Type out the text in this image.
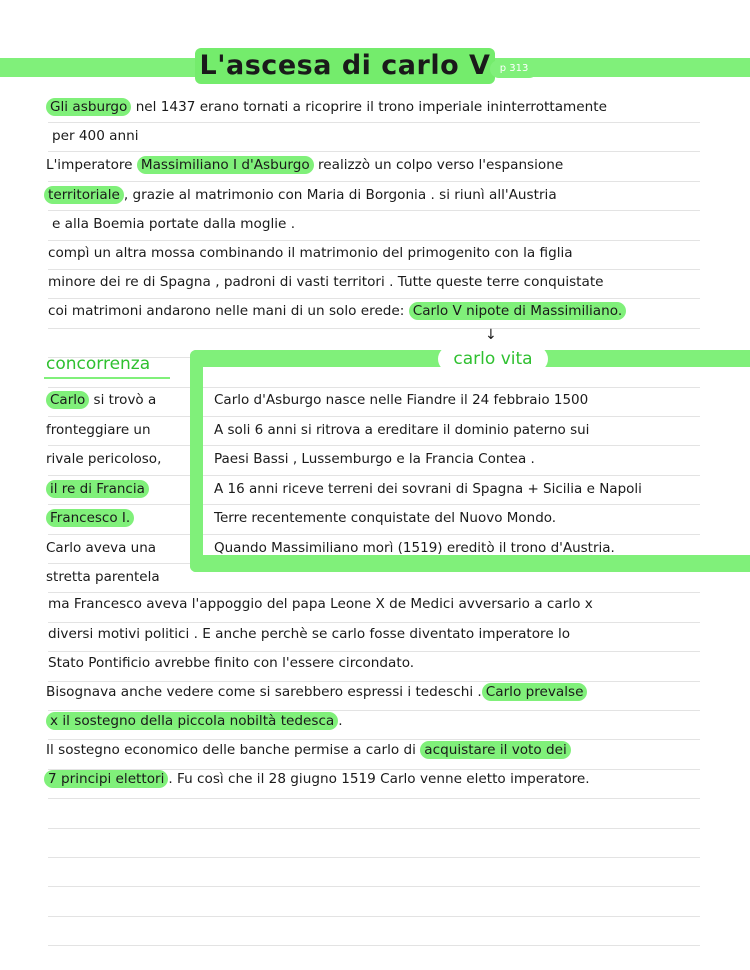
L'ascesa di carlo V p 313
Gli asburgo nel 1437 erano tornati a ricoprire il trono imperiale ininterrottamente
per 400 anni
L'imperatore Massimiliano I d'Asburgo realizzò un colpo verso l'espansione
territoriale , grazie al matrimonio con Maria di Borgonia . si riunì all'Austria
e alla Boemia portate dalla moglie .
compì un altra mossa combinando il matrimonio del primogenito con la figlia
minore dei re di Spagna , padroni di vasti territori . Tutte queste terre conquistate
coi matrimoni andarono nelle mani di un solo erede: Carlo V nipote di Massimiliano.
↓
concorrenza
Carlo si trovò a
fronteggiare un
rivale pericoloso,
il re di Francia
Francesco I.
Carlo aveva una
stretta parentela
carlo vita
Carlo d'Asburgo nasce nelle Fiandre il 24 febbraio 1500
A soli 6 anni si ritrova a ereditare il dominio paterno sui
Paesi Bassi , Lussemburgo e la Francia Contea .
A 16 anni riceve terreni dei sovrani di Spagna + Sicilia e Napoli
Terre recentemente conquistate del Nuovo Mondo.
Quando Massimiliano morì (1519) ereditò il trono d'Austria.
ma Francesco aveva l'appoggio del papa Leone X de Medici avversario a carlo x
diversi motivi politici . E anche perchè se carlo fosse diventato imperatore lo
Stato Pontificio avrebbe finito con l'essere circondato.
Bisognava anche vedere come si sarebbero espressi i tedeschi . Carlo prevalse
x il sostegno della piccola nobiltà tedesca .
Il sostegno economico delle banche permise a carlo di acquistare il voto dei
7 principi elettori . Fu così che il 28 giugno 1519 Carlo venne eletto imperatore.
